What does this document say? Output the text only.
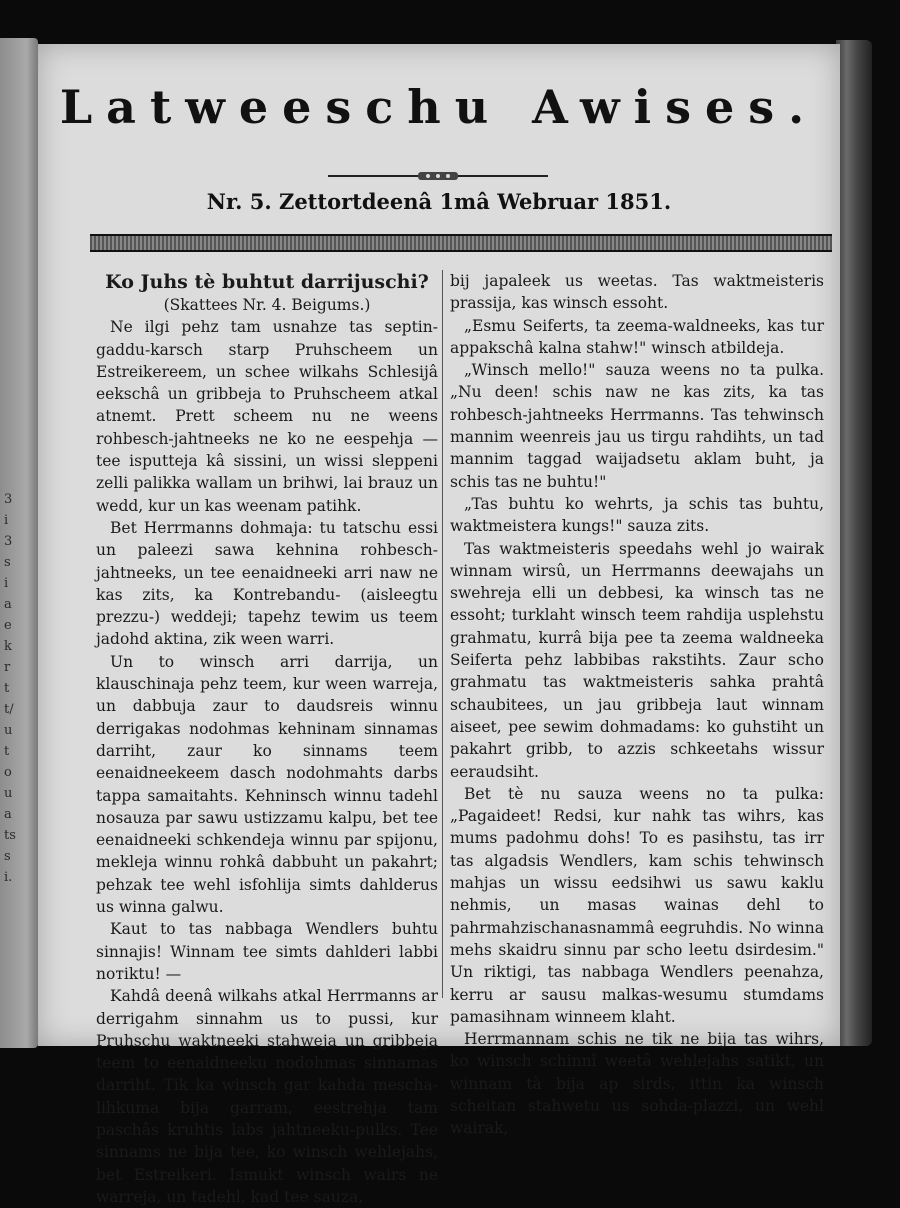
3
i
3
s
i
a
e
k
r
t
t/
u
t
o
u
a
ts
s
i.
Latweeschu Awises.
Nr. 5. Zettortdeenâ 1mâ Webruar 1851.

Ko Juhs tè buhtut darrijuschi?

(Skattees Nr. 4. Beigums.)

Ne ilgi pehz tam usnahze tas septin-gaddu-karsch starp Pruhscheem un Estreikereem, un schee wilkahs Schlesijâ eekschâ un gribbeja to Pruhscheem atkal atnemt. Prett scheem nu ne weens rohbesch-jahtneeks ne ko ne eespehja — tee isputteja kâ sissini, un wissi sleppeni zelli palikka wallam un brihwi, lai brauz un wedd, kur un kas weenam patihk.

Bet Herrmanns dohmaja: tu tatschu essi un paleezi sawa kehnina rohbesch-jahtneeks, un tee eenaidneeki arri naw ne kas zits, ka Kontrebandu- (aisleegtu prezzu-) weddeji; tapehz tewim us teem jadohd aktina, zik ween warri.

Un to winsch arri darrija, un klauschinaja pehz teem, kur ween warreja, un dabbuja zaur to daudsreis winnu derrigakas nodohmas kehninam sinnamas darriht, zaur ko sinnams teem eenaidneekeem dasch nodohmahts darbs tappa samaitahts. Kehninsch winnu tadehl nosauza par sawu ustizzamu kalpu, bet tee eenaidneeki schkendeja winnu par spijonu, mekleja winnu rohkâ dabbuht un pakahrt; pehzak tee wehl isfohlija simts dahlderus us winna galwu.

Kaut to tas nabbaga Wendlers buhtu sinnajis! Winnam tee simts dahlderi labbi noтiktu! —

Kahdâ deenâ wilkahs atkal Herrmanns ar derrigahm sinnahm us to pussi, kur Pruhschu waktneeki stahweja un gribbeja teem to eenaidneeku nodohmas sinnamas darriht. Tik ka winsch gar kahda mescha-lihkuma bija garram, eestrehja tam paschâs kruhtis labs jahtneeku-pulks. Tee sinnams ne bija tee, ko winsch wehlejahs, bet Estreikeri. Ismukt winsch wairs ne warreja, un tadehl, kad tee sauza,

bij japaleek us weetas. Tas waktmeisteris prassija, kas winsch essoht.

„Esmu Seiferts, ta zeema-waldneeks, kas tur appakschâ kalna stahw!" winsch atbildeja.

„Winsch mello!" sauza weens no ta pulka. „Nu deen! schis naw ne kas zits, ka tas rohbesch-jahtneeks Herrmanns. Tas tehwinsch mannim weenreis jau us tirgu rahdihts, un tad mannim taggad waijadsetu aklam buht, ja schis tas ne buhtu!"

„Tas buhtu ko wehrts, ja schis tas buhtu, waktmeistera kungs!" sauza zits.

Tas waktmeisteris speedahs wehl jo wairak winnam wirsû, un Herrmanns deewajahs un swehreja elli un debbesi, ka winsch tas ne essoht; turklaht winsch teem rahdija usplehstu grahmatu, kurrâ bija pee ta zeema waldneeka Seiferta pehz labbibas rakstihts. Zaur scho grahmatu tas waktmeisteris sahka prahtâ schaubitees, un jau gribbeja laut winnam aiseet, pee sewim dohmadams: ko guhstiht un pakahrt gribb, to azzis schkeetahs wissur eeraudsiht.

Bet tè nu sauza weens no ta pulka: „Pagaideet! Redsi, kur nahk tas wihrs, kas mums padohmu dohs! To es pasihstu, tas irr tas algadsis Wendlers, kam schis tehwinsch mahjas un wissu eedsihwi us sawu kaklu nehmis, un masas wainas dehl to pahrmahzischanasnammâ eegruhdis. No winna mehs skaidru sinnu par scho leetu dsirdesim." Un riktigi, tas nabbaga Wendlers peenahza, kerru ar sausu malkas-wesumu stumdams pamasihnam winneem klaht.

Herrmannam schis ne tik ne bija tas wihrs, ko winsch schinnî weetâ wehlejahs satikt, un winnam tà bija ap sirds, ittin ka winsch scheitan stahwetu us sohda-plazzi, un wehl wairak,
